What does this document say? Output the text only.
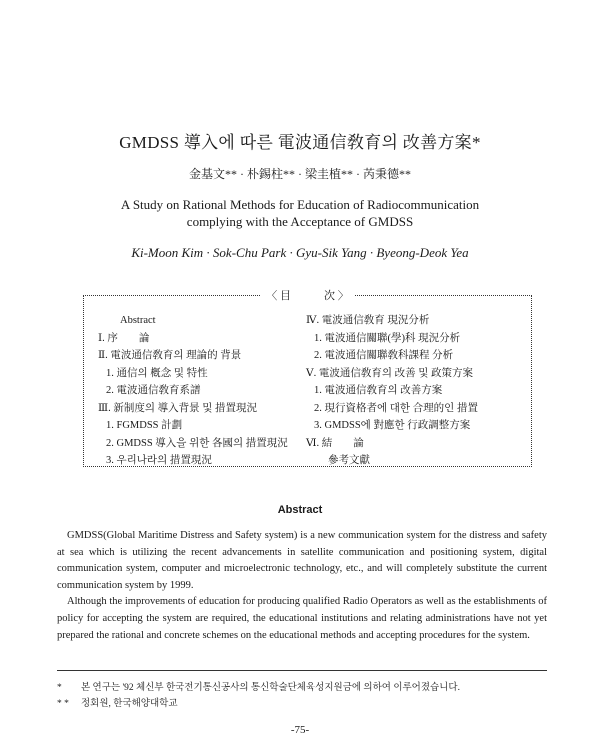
GMDSS 導入에 따른 電波通信敎育의 改善方案*
金基文** · 朴錫柱** · 梁圭植** · 芮秉德**
A Study on Rational Methods for Education of Radiocommunication
complying with the Acceptance of GMDSS
Ki-Moon Kim · Sok-Chu Park · Gyu-Sik Yang · Byeong-Deok Yea
〈 目　　　次 〉
Abstract
Ⅰ. 序　　論
Ⅱ. 電波通信敎育의 理論的 背景
1. 通信의 槪念 및 特性
2. 電波通信敎育系譜
Ⅲ. 新制度의 導入背景 및 措置現況
1. FGMDSS 計劃
2. GMDSS 導入을 위한 各國의 措置現況
3. 우리나라의 措置現況
Ⅳ. 電波通信敎育 現況分析
1. 電波通信關聯(學)科 現況分析
2. 電波通信關聯敎科課程 分析
Ⅴ. 電波通信敎育의 改善 및 政策方案
1. 電波通信敎育의 改善方案
2. 現行資格者에 대한 合理的인 措置
3. GMDSS에 對應한 行政調整方案
Ⅵ. 結　　論
參考文獻
Abstract

GMDSS(Global Maritime Distress and Safety system) is a new communication system for the distress and safety at sea which is utilizing the recent advancements in satellite communication and positioning system, digital communication system, computer and microelectronic technology, etc., and will completely substitute the current communication system by 1999.

Although the improvements of education for producing qualified Radio Operators as well as the establishments of policy for accepting the system are required, the educational institutions and relating administrations have not yet prepared the rational and concrete schemes on the educational methods and accepting procedures for the system.

* 본 연구는 '92 체신부 한국전기통신공사의 통신학술단체육성지원금에 의하여 이루어졌습니다.
* * 정회원, 한국해양대학교
-75-
